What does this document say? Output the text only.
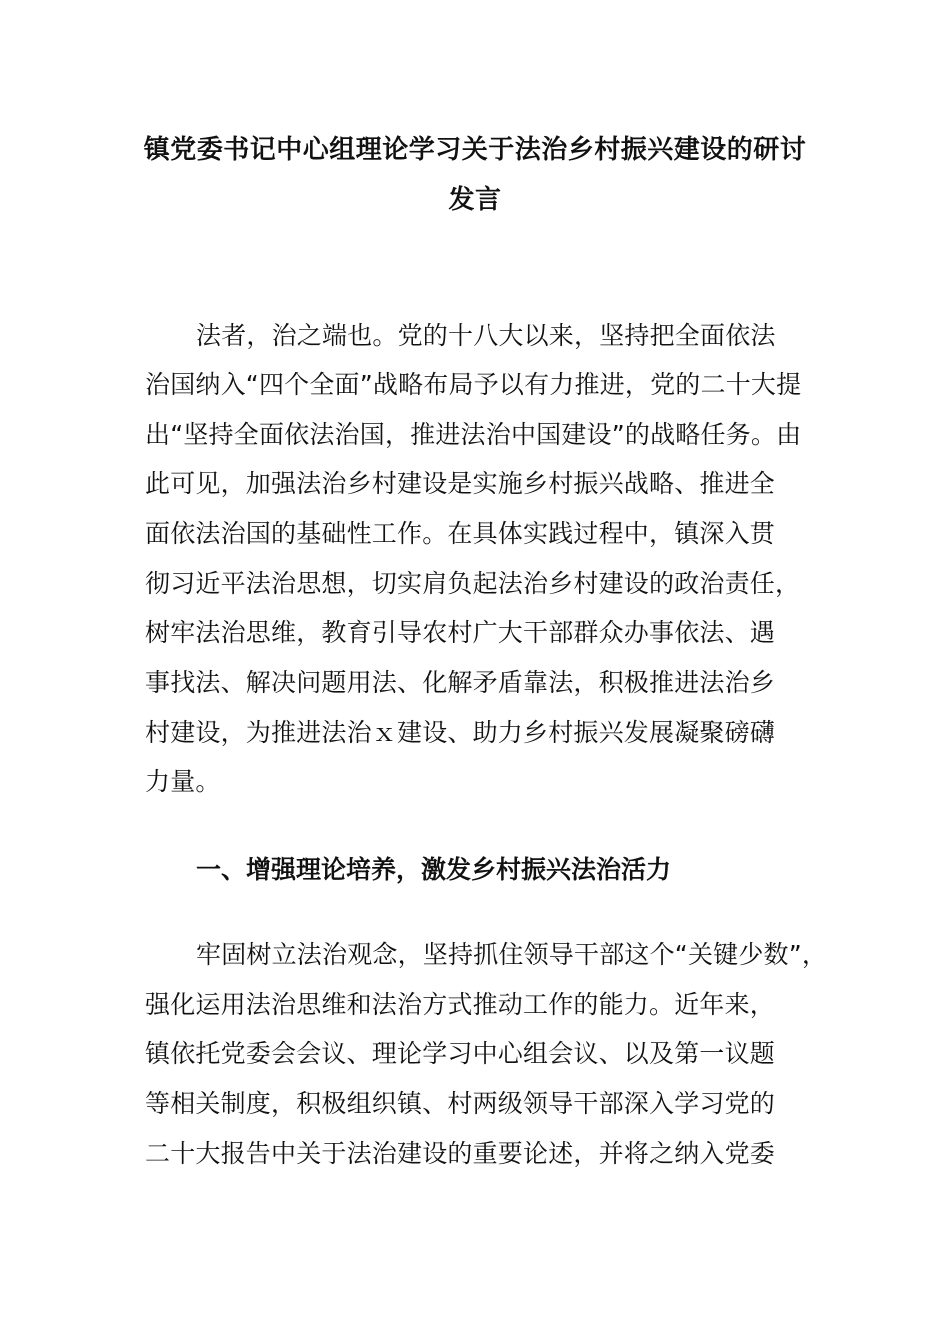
镇党委书记中心组理论学习关于法治乡村振兴建设的研讨
发言
法者，治之端也。党的十八大以来，坚持把全面依法
治国纳入“四个全面”战略布局予以有力推进，党的二十大提
出“坚持全面依法治国，推进法治中国建设”的战略任务。由
此可见，加强法治乡村建设是实施乡村振兴战略、推进全
面依法治国的基础性工作。在具体实践过程中，镇深入贯
彻习近平法治思想，切实肩负起法治乡村建设的政治责任，
树牢法治思维，教育引导农村广大干部群众办事依法、遇
事找法、解决问题用法、化解矛盾靠法，积极推进法治乡
村建设，为推进法治ｘ建设、助力乡村振兴发展凝聚磅礴
力量。
一、增强理论培养，激发乡村振兴法治活力
牢固树立法治观念，坚持抓住领导干部这个“关键少数”，
强化运用法治思维和法治方式推动工作的能力。近年来，
镇依托党委会会议、理论学习中心组会议、以及第一议题
等相关制度，积极组织镇、村两级领导干部深入学习党的
二十大报告中关于法治建设的重要论述，并将之纳入党委
